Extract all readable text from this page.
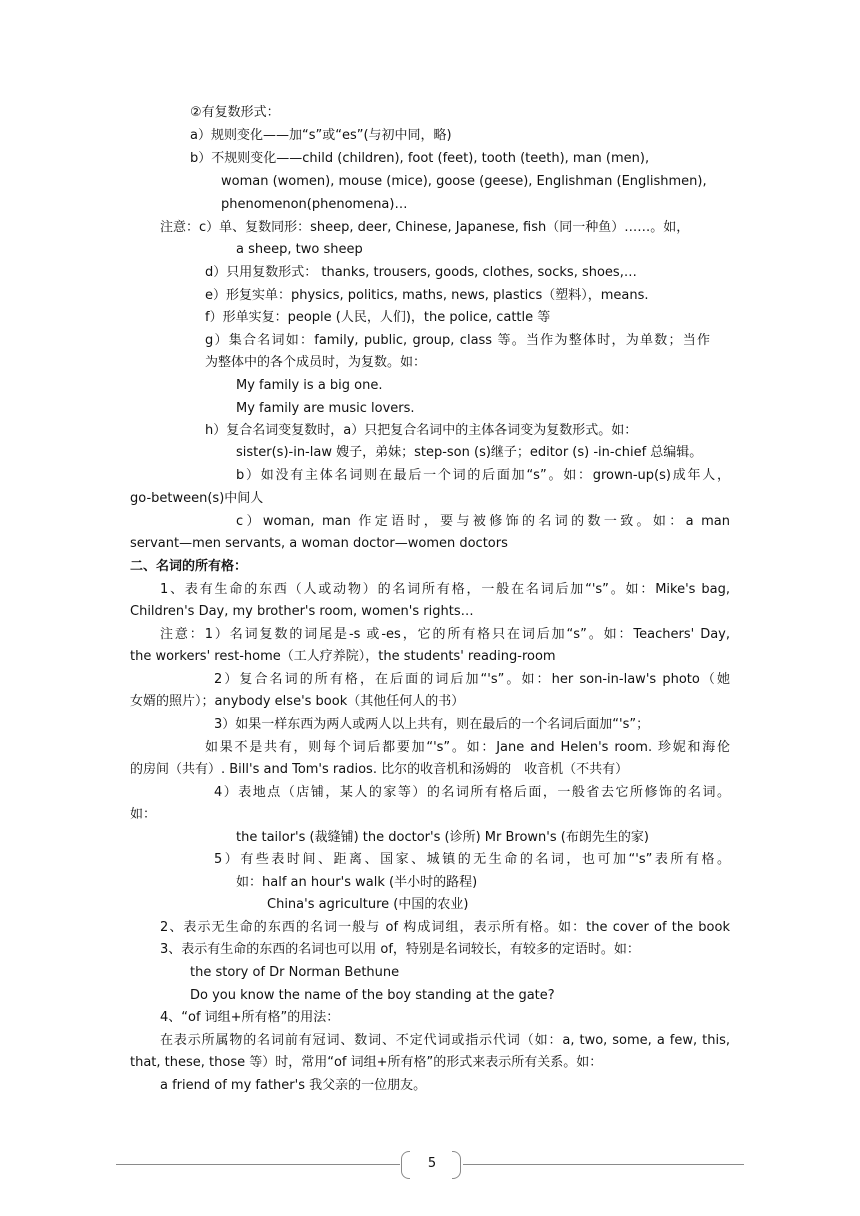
②有复数形式：
a）规则变化——加“s”或“es”(与初中同，略)
b）不规则变化——child (children), foot (feet), tooth (teeth), man (men),
woman (women), mouse (mice), goose (geese), Englishman (Englishmen),
phenomenon(phenomena)…
注意：c）单、复数同形：sheep, deer, Chinese, Japanese, fish（同一种鱼）……。如，
a sheep, two sheep
d）只用复数形式： thanks, trousers, goods, clothes, socks, shoes,…
e）形复实单：physics, politics, maths, news, plastics（塑料），means.
f）形单实复：people (人民，人们)，the police, cattle 等
g）集合名词如：family, public, group, class 等。当作为整体时，为单数；当作
为整体中的各个成员时，为复数。如：
My family is a big one.
My family are music lovers.
h）复合名词变复数时，a）只把复合名词中的主体各词变为复数形式。如：
sister(s)-in-law 嫂子，弟妹；step-son (s)继子；editor (s) -in-chief 总编辑。
b）如没有主体名词则在最后一个词的后面加“s”。如：grown-up(s)成年人，
go-between(s)中间人
c）woman, man 作定语时，要与被修饰的名词的数一致。如：a man
servant—men servants, a woman doctor—women doctors
二、名词的所有格：
1、表有生命的东西（人或动物）的名词所有格，一般在名词后加“'s”。如：Mike's bag,
Children's Day, my brother's room, women's rights…
注意：1）名词复数的词尾是-s 或-es，它的所有格只在词后加“s”。如：Teachers' Day,
the workers' rest-home（工人疗养院），the students' reading-room
2）复合名词的所有格，在后面的词后加“'s”。如：her son-in-law's photo（她
女婿的照片）；anybody else's book（其他任何人的书）
3）如果一样东西为两人或两人以上共有，则在最后的一个名词后面加“'s”；
如果不是共有，则每个词后都要加“'s”。如：Jane and Helen's room. 珍妮和海伦
的房间（共有）. Bill's and Tom's radios. 比尔的收音机和汤姆的　收音机（不共有）
4）表地点（店铺，某人的家等）的名词所有格后面，一般省去它所修饰的名词。
如：
the tailor's (裁缝铺) the doctor's (诊所) Mr Brown's (布朗先生的家)
5）有些表时间、距离、国家、城镇的无生命的名词，也可加“'s”表所有格。
如：half an hour's walk (半小时的路程)
China's agriculture (中国的农业)
2、表示无生命的东西的名词一般与 of 构成词组，表示所有格。如：the cover of the book
3、表示有生命的东西的名词也可以用 of，特别是名词较长，有较多的定语时。如：
the story of Dr Norman Bethune
Do you know the name of the boy standing at the gate?
4、“of 词组+所有格”的用法：
在表示所属物的名词前有冠词、数词、不定代词或指示代词（如：a, two, some, a few, this,
that, these, those 等）时，常用“of 词组+所有格”的形式来表示所有关系。如：
a friend of my father's 我父亲的一位朋友。
5
